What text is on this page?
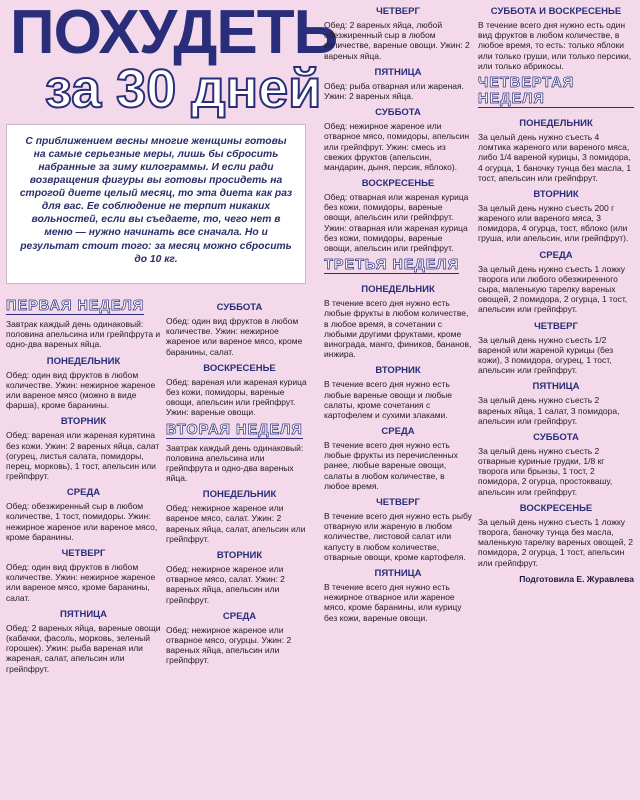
ПОХУДЕТЬ
за 30 дней
С приближением весны многие женщины готовы на самые серьезные меры, лишь бы сбросить набранные за зиму килограммы. И если ради возвращения фигуры вы готовы просидеть на строгой диете целый месяц, то эта диета как раз для вас. Ее соблюдение не терпит никаких вольностей, если вы съедаете, то, чего нет в меню — нужно начинать все сначала. Но и результат стоит того: за месяц можно сбросить до 10 кг.
ПЕРВАЯ НЕДЕЛЯ
Завтрак каждый день одинаковый: половина апельсина или грейпфрута и одно-два вареных яйца.
ПОНЕДЕЛЬНИК
Обед: один вид фруктов в любом количестве. Ужин: нежирное жареное или вареное мясо (можно в виде фарша), кроме баранины.
ВТОРНИК
Обед: вареная или жареная курятина без кожи. Ужин: 2 вареных яйца, салат (огурец, листья салата, помидоры, перец, морковь), 1 тост, апельсин или грейпфрут.
СРЕДА
Обед: обезжиренный сыр в любом количестве, 1 тост, помидоры. Ужин: нежирное жареное или вареное мясо, кроме баранины.
ЧЕТВЕРГ
Обед: один вид фруктов в любом количестве. Ужин: нежирное жареное или вареное мясо, кроме баранины, салат.
ПЯТНИЦА
Обед: 2 вареных яйца, вареные овощи (кабачки, фасоль, морковь, зеленый горошек). Ужин: рыба вареная или жареная, салат, апельсин или грейпфрут.
СУББОТА
Обед: один вид фруктов в любом количестве. Ужин: нежирное жареное или вареное мясо, кроме баранины, салат.
ВОСКРЕСЕНЬЕ
Обед: вареная или жареная курица без кожи, помидоры, вареные овощи, апельсин или грейпфрут. Ужин: вареные овощи.
ВТОРАЯ НЕДЕЛЯ
Завтрак каждый день одинаковый: половина апельсина или грейпфрута и одно-два вареных яйца.
ПОНЕДЕЛЬНИК
Обед: нежирное жареное или вареное мясо, салат. Ужин: 2 вареных яйца, салат, апельсин или грейпфрут.
ВТОРНИК
Обед: нежирное жареное или отварное мясо, салат. Ужин: 2 вареных яйца, апельсин или грейпфрут.
СРЕДА
Обед: нежирное жареное или отварное мясо, огурцы. Ужин: 2 вареных яйца, апельсин или грейпфрут.
ЧЕТВЕРГ
Обед: 2 вареных яйца, любой обезжиренный сыр в любом количестве, вареные овощи. Ужин: 2 вареных яйца.
ПЯТНИЦА
Обед: рыба отварная или жареная. Ужин: 2 вареных яйца.
СУББОТА
Обед: нежирное жареное или отварное мясо, помидоры, апельсин или грейпфрут. Ужин: смесь из свежих фруктов (апельсин, мандарин, дыня, персик, яблоко).
ВОСКРЕСЕНЬЕ
Обед: отварная или жареная курица без кожи, помидоры, вареные овощи, апельсин или грейпфрут. Ужин: отварная или жареная курица без кожи, помидоры, вареные овощи, апельсин или грейпфрут.
ТРЕТЬЯ НЕДЕЛЯ
ПОНЕДЕЛЬНИК
В течение всего дня нужно есть любые фрукты в любом количестве, в любое время, в сочетании с любыми другими фруктами, кроме винограда, манго, фиников, бананов, инжира.
ВТОРНИК
В течение всего дня нужно есть любые вареные овощи и любые салаты, кроме сочетания с картофелем и сухими злаками.
СРЕДА
В течение всего дня нужно есть любые фрукты из перечисленных ранее, любые вареные овощи, салаты в любом количестве, в любое время.
ЧЕТВЕРГ
В течение всего дня нужно есть рыбу отварную или жареную в любом количестве, листовой салат или капусту в любом количестве, отварные овощи, кроме картофеля.
ПЯТНИЦА
В течение всего дня нужно есть нежирное отварное или жареное мясо, кроме баранины, или курицу без кожи, вареные овощи.
СУББОТА И ВОСКРЕСЕНЬЕ
В течение всего дня нужно есть один вид фруктов в любом количестве, в любое время, то есть: только яблоки или только груши, или только персики, или только абрикосы.
ЧЕТВЕРТАЯ НЕДЕЛЯ
ПОНЕДЕЛЬНИК
За целый день нужно съесть 4 ломтика жареного или вареного мяса, либо 1/4 вареной курицы, 3 помидора, 4 огурца, 1 баночку тунца без масла, 1 тост, апельсин или грейпфрут.
ВТОРНИК
За целый день нужно съесть 200 г жареного или вареного мяса, 3 помидора, 4 огурца, тост, яблоко (или груша, или апельсин, или грейпфрут).
СРЕДА
За целый день нужно съесть 1 ложку творога или любого обезжиренного сыра, маленькую тарелку вареных овощей, 2 помидора, 2 огурца, 1 тост, апельсин или грейпфрут.
ЧЕТВЕРГ
За целый день нужно съесть 1/2 вареной или жареной курицы (без кожи), 3 помидора, огурец, 1 тост, апельсин или грейпфрут.
ПЯТНИЦА
За целый день нужно съесть 2 вареных яйца, 1 салат, 3 помидора, апельсин или грейпфрут.
СУББОТА
За целый день нужно съесть 2 отварные куриные грудки, 1/8 кг творога или брынзы, 1 тост, 2 помидора, 2 огурца, простоквашу, апельсин или грейпфрут.
ВОСКРЕСЕНЬЕ
За целый день нужно съесть 1 ложку творога, баночку тунца без масла, маленькую тарелку вареных овощей, 2 помидора, 2 огурца, 1 тост, апельсин или грейпфрут.
Подготовила Е. Журавлева
